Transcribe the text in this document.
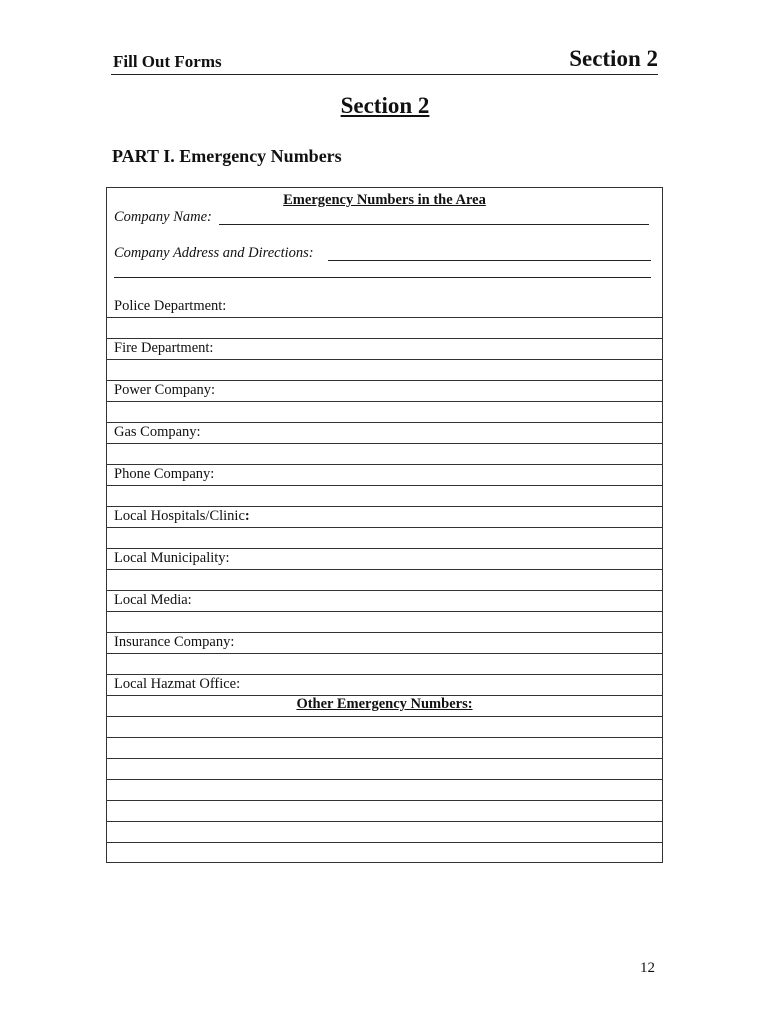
Fill Out Forms	Section 2
Section 2
PART I. Emergency Numbers
Emergency Numbers in the Area
Company Name:
Company Address and Directions:
Police Department:
Fire Department:
Power Company:
Gas Company:
Phone Company:
Local Hospitals/Clinic:
Local Municipality:
Local Media:
Insurance Company:
Local Hazmat Office:
Other Emergency Numbers:
12
